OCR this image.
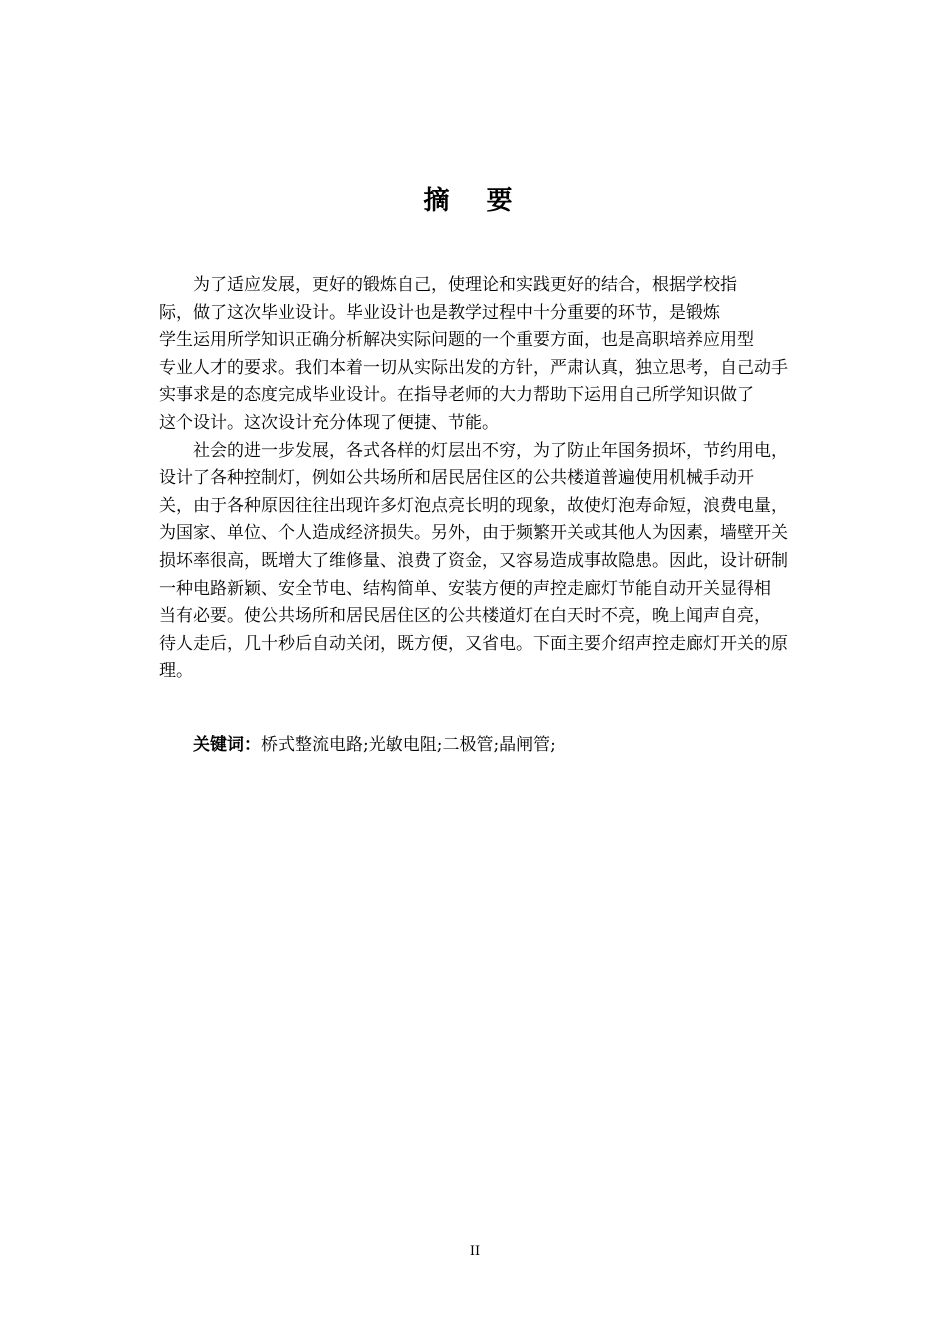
摘 要
为了适应发展，更好的锻炼自己，使理论和实践更好的结合，根据学校指
际，做了这次毕业设计。毕业设计也是教学过程中十分重要的环节，是锻炼
学生运用所学知识正确分析解决实际问题的一个重要方面，也是高职培养应用型
专业人才的要求。我们本着一切从实际出发的方针，严肃认真，独立思考，自己动手
实事求是的态度完成毕业设计。在指导老师的大力帮助下运用自己所学知识做了
这个设计。这次设计充分体现了便捷、节能。
社会的进一步发展，各式各样的灯层出不穷，为了防止年国务损坏，节约用电，
设计了各种控制灯，例如公共场所和居民居住区的公共楼道普遍使用机械手动开
关，由于各种原因往往出现许多灯泡点亮长明的现象，故使灯泡寿命短，浪费电量，
为国家、单位、个人造成经济损失。另外，由于频繁开关或其他人为因素，墙壁开关
损坏率很高，既增大了维修量、浪费了资金，又容易造成事故隐患。因此，设计研制
一种电路新颖、安全节电、结构简单、安装方便的声控走廊灯节能自动开关显得相
当有必要。使公共场所和居民居住区的公共楼道灯在白天时不亮，晚上闻声自亮，
待人走后，几十秒后自动关闭，既方便，又省电。下面主要介绍声控走廊灯开关的原
理。
关键词：桥式整流电路;光敏电阻;二极管;晶闸管;
II
